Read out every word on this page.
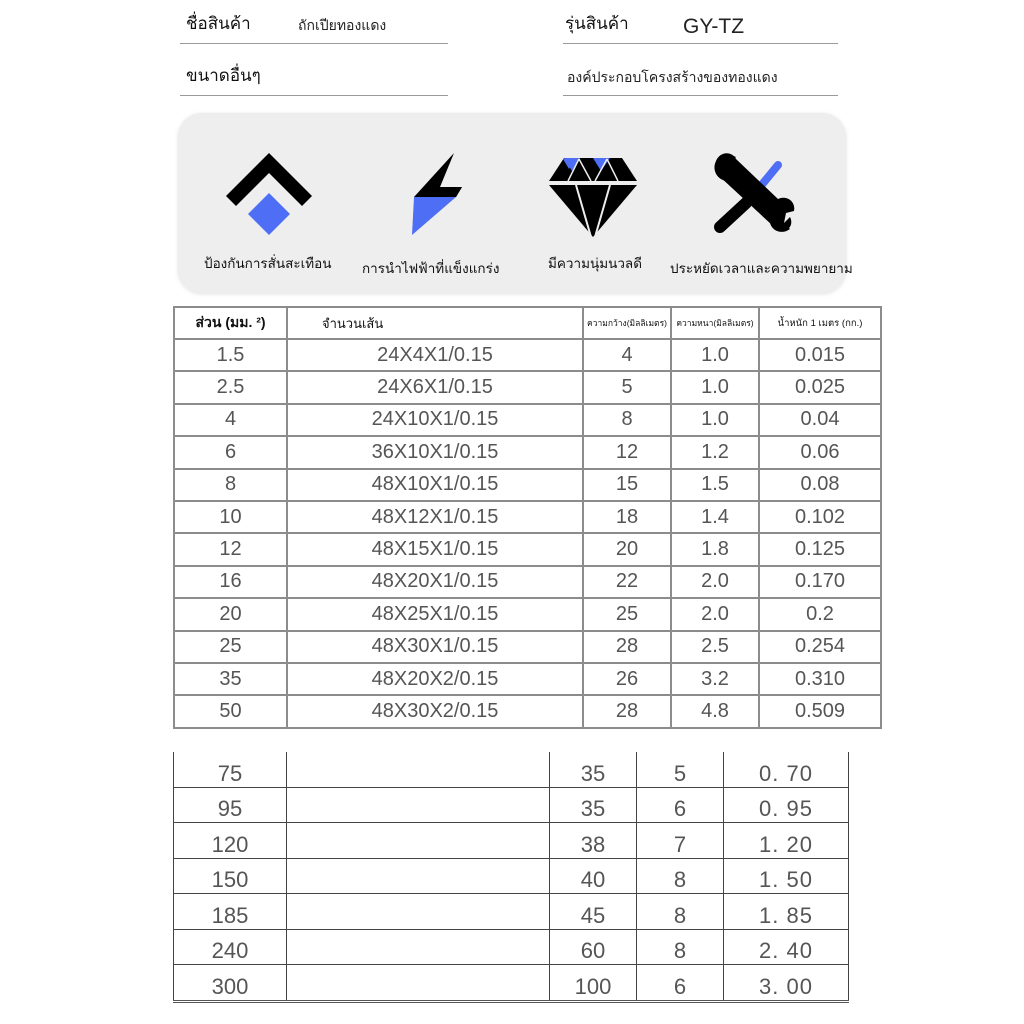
ชื่อสินค้า	ถักเปียทองแดง	รุ่นสินค้า	GY-TZ
ขนาดอื่นๆ	องค์ประกอบโครงสร้างของทองแดง
ป้องกันการสั่นสะเทือน การนำไฟฟ้าที่แข็งแกร่ง	มีความนุ่มนวลดี ประหยัดเวลาและความพยายาม
ส่วน (มม. ²)	จำนวนเส้น	ความกว้าง(มิลลิเมตร)	ความหนา(มิลลิเมตร)	น้ำหนัก 1 เมตร (กก.)
1.5	24X4X1/0.15	4	1.0	0.015
2.5	24X6X1/0.15	5	1.0	0.025
4	24X10X1/0.15	8	1.0	0.04
6	36X10X1/0.15	12	1.2	0.06
8	48X10X1/0.15	15	1.5	0.08
10	48X12X1/0.15	18	1.4	0.102
12	48X15X1/0.15	20	1.8	0.125
16	48X20X1/0.15	22	2.0	0.170
20	48X25X1/0.15	25	2.0	0.2
25	48X30X1/0.15	28	2.5	0.254
35	48X20X2/0.15	26	3.2	0.310
50	48X30X2/0.15	28	4.8	0.509
75		35	5	0. 70
95		35	6	0. 95
120		38	7	1. 20
150		40	8	1. 50
185		45	8	1. 85
240		60	8	2. 40
300		100	6	3. 00
